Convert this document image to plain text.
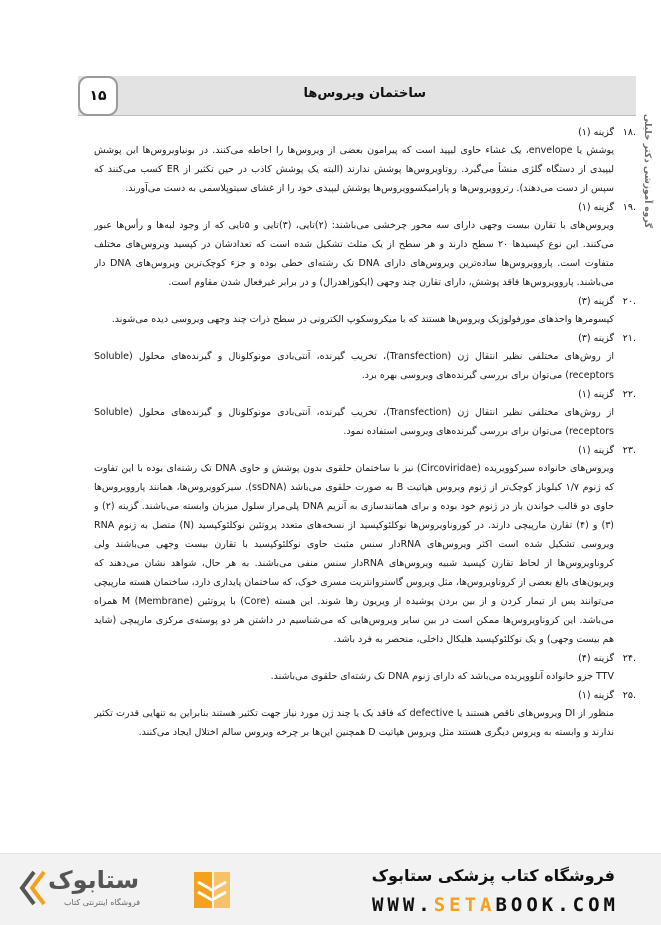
ساختمان ویروس‌ها
۱۵
گروه آموزشی دکتر خلیلی
.۱۸
گزینه (۱)
پوشش یا envelope، یک غشاء حاوی لیپید است که پیرامون بعضی از ویروس‌ها را احاطه می‌کنند. در بونیاویروس‌ها این پوشش لیپیدی از دستگاه گلژی منشأ می‌گیرد. روتاویروس‌ها پوشش ندارند (البته یک پوشش کاذب در حین تکثیر از ER کسب می‌کنند که سپس از دست می‌دهند). رتروویروس‌ها و پارامیکسوویروس‌ها پوشش لیپیدی خود را از غشای سیتوپلاسمی به دست می‌آورند.
.۱۹
گزینه (۱)
ویروس‌های با تقارن بیست وجهی دارای سه محور چرخشی می‌باشند: (۲)تایی، (۳)تایی و ۵تایی که از وجود لبه‌ها و رأس‌ها عبور می‌کنند. این نوع کپسیدها ۲۰ سطح دارند و هر سطح از یک مثلث تشکیل شده است که تعدادشان در کپسید ویروس‌های مختلف متفاوت است. پاروویروس‌ها ساده‌ترین ویروس‌های دارای DNA تک رشته‌ای خطی بوده و جزء کوچک‌ترین ویروس‌های DNA دار می‌باشند. پاروویروس‌ها فاقد پوشش، دارای تقارن چند وجهی (ایکوزاهدرال) و در برابر غیرفعال شدن مقاوم است.
.۲۰
گزینه (۳)
کپسومرها واحدهای مورفولوژیک ویروس‌ها هستند که با میکروسکوپ الکترونی در سطح ذرات چند وجهی ویروسی دیده می‌شوند.
.۲۱
گزینه (۳)
از روش‌های مختلفی نظیر انتقال ژن (Transfection)، تخریب گیرنده، آنتی‌بادی مونوکلونال و گیرنده‌های محلول (Soluble receptors) می‌توان برای بررسی گیرنده‌های ویروسی بهره برد.
.۲۲
گزینه (۱)
از روش‌های مختلفی نظیر انتقال ژن (Transfection)، تخریب گیرنده، آنتی‌بادی مونوکلونال و گیرنده‌های محلول (Soluble receptors) می‌توان برای بررسی گیرنده‌های ویروسی استفاده نمود.
.۲۳
گزینه (۱)
ویروس‌های خانواده سیرکوویریده (Circoviridae) نیز با ساختمان حلقوی بدون پوشش و حاوی DNA تک رشته‌ای بوده با این تفاوت که ژنوم ۱/۷ کیلوباز کوچک‌تر از ژنوم ویروس هپاتیت B به صورت حلقوی می‌باشد (ssDNA). سیرکوویروس‌ها، همانند پاروویروس‌ها حاوی دو قالب خواندن باز در ژنوم خود بوده و برای همانندسازی به آنزیم DNA پلی‌مراز سلول میزبان وابسته می‌باشند. گزینه (۲) و (۳) و (۴) تقارن مارپیچی دارند. در کوروناویروس‌ها نوکلئوکپسید از نسخه‌های متعدد پروتئین نوکلئوکپسید (N) متصل به ژنوم RNA ویروسی تشکیل شده است اکثر ویروس‌های RNAدار سنس مثبت حاوی نوکلئوکپسید با تقارن بیست وجهی می‌باشند ولی کروناویروس‌ها از لحاظ تقارن کپسید شبیه ویروس‌های RNAدار سنس منفی می‌باشند. به هر حال، شواهد نشان می‌دهند که ویریون‌های بالغ بعضی از کروناویروس‌ها، مثل ویروس گاستروانتریت مسری خوک، که ساختمان پایداری دارد، ساختمان هسته مارپیچی می‌توانند پس از تیمار کردن و از بین بردن پوشیده از ویریون رها شوند. این هسته (Core) با پروتئین M (Membrane) همراه می‌باشد. این کروناویروس‌ها ممکن است در بین سایر ویروس‌هایی که می‌شناسیم در داشتن هر دو پوسته‌ی مرکزی مارپیچی (شاید هم بیست وجهی) و یک نوکلئوکپسید هلیکال داخلی، منحصر به فرد باشد.
.۲۴
گزینه (۴)
TTV جزو خانواده آنلوویریده می‌باشد که دارای ژنوم DNA تک رشته‌ای حلقوی می‌باشند.
.۲۵
گزینه (۱)
منظور از DI ویروس‌های ناقص هستند یا defective که فاقد یک یا چند ژن مورد نیاز جهت تکثیر هستند بنابراین به تنهایی قدرت تکثیر ندارند و وابسته به ویروس دیگری هستند مثل ویروس هپاتیت D همچنین این‌ها بر چرخه ویروس سالم اختلال ایجاد می‌کنند.
ستابوک
فروشگاه اینترنتی کتاب
فروشگاه کتاب پزشکی ستابوک
WWW.SETABOOK.COM
